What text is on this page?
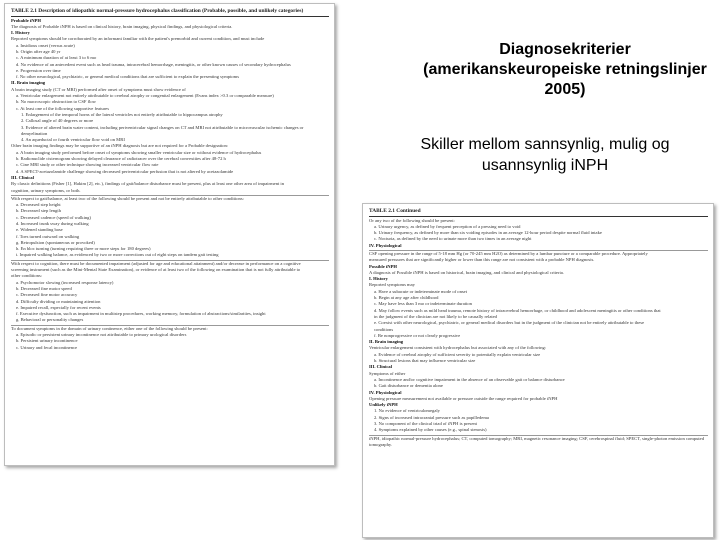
TABLE 2.1 Description of idiopathic normal-pressure hydrocephalus classification (Probable, possible, and unlikely categories)
Probable iNPH
The diagnosis of Probable iNPH is based on clinical history, brain imaging, physical findings, and physiological criteria.
I. History
Reported symptoms should be corroborated by an informant familiar with the patient's premorbid and current condition, and must include
a. Insidious onset (versus acute)
b. Origin after age 40 yr
c. A minimum duration of at least 3 to 6 mo
d. No evidence of an antecedent event such as head trauma, intracerebral hemorrhage, meningitis, or other known causes of secondary hydrocephalus
e. Progression over time
f. No other neurological, psychiatric, or general medical conditions that are sufficient to explain the presenting symptoms
II. Brain imaging
A brain imaging study (CT or MRI) performed after onset of symptoms must show evidence of
a. Ventricular enlargement not entirely attributable to cerebral atrophy or congenital enlargement (Evans index >0.3 or comparable measure)
b. No macroscopic obstruction to CSF flow
c. At least one of the following supportive features
1. Enlargement of the temporal horns of the lateral ventricles not entirely attributable to hippocampus atrophy
2. Callosal angle of 40 degrees or more
3. Evidence of altered brain water content, including periventricular signal changes on CT and MRI not attributable to microvascular ischemic changes or
demyelination
4. An aqueductal or fourth ventricular flow void on MRI
Other brain imaging findings may be supportive of an iNPH diagnosis but are not required for a Probable designation:
a. A brain imaging study performed before onset of symptoms showing smaller ventricular size or without evidence of hydrocephalus
b. Radionuclide cisternogram showing delayed clearance of radiotracer over the cerebral convexities after 48-72 h
c. Cine MRI study or other technique showing increased ventricular flow rate
d. A SPECT-acetazolamide challenge showing decreased periventricular perfusion that is not altered by acetazolamide
III. Clinical
By classic definitions (Fisher [1], Hakim [2], etc.), findings of gait/balance disturbance must be present, plus at least one other area of impairment in
cognition, urinary symptoms, or both.
With respect to gait/balance, at least two of the following should be present and not be entirely attributable to other conditions:
a. Decreased step height
b. Decreased step length
c. Decreased cadence (speed of walking)
d. Increased trunk sway during walking
e. Widened standing base
f. Toes turned outward on walking
g. Retropulsion (spontaneous or provoked)
h. En bloc turning (turning requiring three or more steps for 180 degrees)
i. Impaired walking balance, as evidenced by two or more corrections out of eight steps on tandem gait testing
With respect to cognition, there must be documented impairment (adjusted for age and educational attainment) and/or decrease in performance on a cognitive
screening instrument (such as the Mini-Mental State Examination), or evidence of at least two of the following on examination that is not fully attributable to
other conditions:
a. Psychomotor slowing (increased response latency)
b. Decreased fine motor speed
c. Decreased fine motor accuracy
d. Difficulty dividing or maintaining attention
e. Impaired recall, especially for recent events
f. Executive dysfunction, such as impairment in multistep procedures, working memory, formulation of abstractions/similarities, insight
g. Behavioral or personality changes
To document symptoms in the domain of urinary continence, either one of the following should be present:
a. Episodic or persistent urinary incontinence not attributable to primary urological disorders
b. Persistent urinary incontinence
c. Urinary and fecal incontinence
TABLE 2.1 Continued
Or any two of the following should be present:
a. Urinary urgency, as defined by frequent perception of a pressing need to void
b. Urinary frequency, as defined by more than six voiding episodes in an average 12-hour period despite normal fluid intake
c. Nocturia, as defined by the need to urinate more than two times in an average night
IV. Physiological
CSF opening pressure in the range of 5-18 mm Hg (or 70-245 mm H2O) as determined by a lumbar puncture or a comparable procedure. Appropriately
measured pressures that are significantly higher or lower than this range are not consistent with a probable NPH diagnosis.
Possible iNPH
A diagnosis of Possible iNPH is based on historical, brain imaging, and clinical and physiological criteria.
I. History
Reported symptoms may
a. Have a subacute or indeterminate mode of onset
b. Begin at any age after childhood
c. May have less than 3 mo or indeterminate duration
d. May follow events such as mild head trauma, remote history of intracerebral hemorrhage, or childhood and adolescent meningitis or other conditions that
in the judgment of the clinician are not likely to be causally related
e. Coexist with other neurological, psychiatric, or general medical disorders but in the judgment of the clinician not be entirely attributable to these
conditions
f. Be nonprogressive or not clearly progressive
II. Brain imaging
Ventricular enlargement consistent with hydrocephalus but associated with any of the following:
a. Evidence of cerebral atrophy of sufficient severity to potentially explain ventricular size
b. Structural lesions that may influence ventricular size
III. Clinical
Symptoms of either
a. Incontinence and/or cognitive impairment in the absence of an observable gait or balance disturbance
b. Gait disturbance or dementia alone
IV. Physiological
Opening pressure measurement not available or pressure outside the range required for probable iNPH
Unlikely iNPH
1. No evidence of ventriculomegaly
2. Signs of increased intracranial pressure such as papilledema
3. No component of the clinical triad of iNPH is present
4. Symptoms explained by other causes (e.g., spinal stenosis)
iNPH, idiopathic normal-pressure hydrocephalus; CT, computed tomography; MRI, magnetic resonance imaging; CSF, cerebrospinal fluid; SPECT, single-photon emission computed
tomography.
Diagnosekriterier (amerikanskeuropeiske retningslinjer 2005)
Skiller mellom sannsynlig, mulig og usannsynlig iNPH
